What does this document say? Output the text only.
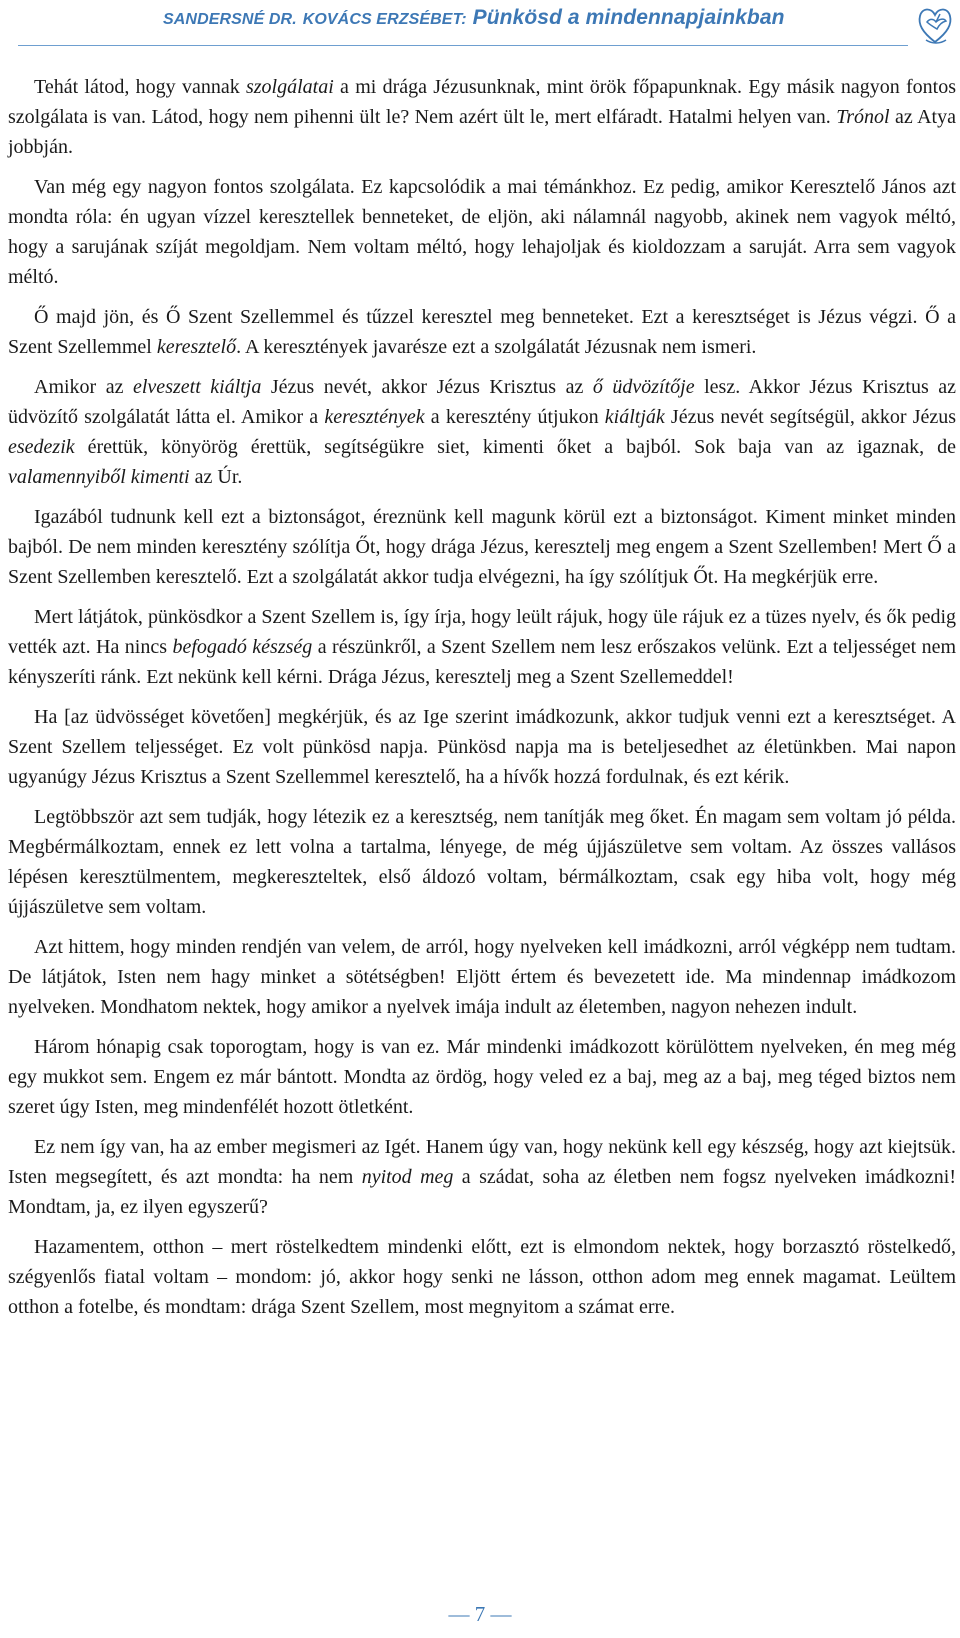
SANDERSNÉ DR. KOVÁCS ERZSÉBET: Pünkösd a mindennapjainkban

Tehát látod, hogy vannak szolgálatai a mi drága Jézusunknak, mint örök főpapunknak. Egy másik nagyon fontos szolgálata is van. Látod, hogy nem pihenni ült le? Nem azért ült le, mert elfáradt. Hatalmi helyen van. Trónol az Atya jobbján.

Van még egy nagyon fontos szolgálata. Ez kapcsolódik a mai témánkhoz. Ez pedig, amikor Keresztelő János azt mondta róla: én ugyan vízzel keresztellek benneteket, de eljön, aki nálamnál nagyobb, akinek nem vagyok méltó, hogy a sarujának szíját megoldjam. Nem voltam méltó, hogy lehajoljak és kioldozzam a saruját. Arra sem vagyok méltó.

Ő majd jön, és Ő Szent Szellemmel és tűzzel keresztel meg benneteket. Ezt a keresztséget is Jézus végzi. Ő a Szent Szellemmel keresztelő. A keresztények javarésze ezt a szolgálatát Jézusnak nem ismeri.

Amikor az elveszett kiáltja Jézus nevét, akkor Jézus Krisztus az ő üdvözítője lesz. Akkor Jézus Krisztus az üdvözítő szolgálatát látta el. Amikor a keresztények a keresztény útjukon kiáltják Jézus nevét segítségül, akkor Jézus esedezik érettük, könyörög érettük, segítségükre siet, kimenti őket a bajból. Sok baja van az igaznak, de valamennyiből kimenti az Úr.

Igazából tudnunk kell ezt a biztonságot, éreznünk kell magunk körül ezt a biztonságot. Kiment minket minden bajból. De nem minden keresztény szólítja Őt, hogy drága Jézus, keresztelj meg engem a Szent Szellemben! Mert Ő a Szent Szellemben keresztelő. Ezt a szolgálatát akkor tudja elvégezni, ha így szólítjuk Őt. Ha megkérjük erre.

Mert látjátok, pünkösdkor a Szent Szellem is, így írja, hogy leült rájuk, hogy üle rájuk ez a tüzes nyelv, és ők pedig vették azt. Ha nincs befogadó készség a részünkről, a Szent Szellem nem lesz erőszakos velünk. Ezt a teljességet nem kényszeríti ránk. Ezt nekünk kell kérni. Drága Jézus, keresztelj meg a Szent Szellemeddel!

Ha [az üdvösséget követően] megkérjük, és az Ige szerint imádkozunk, akkor tudjuk venni ezt a keresztséget. A Szent Szellem teljességet. Ez volt pünkösd napja. Pünkösd napja ma is beteljesedhet az életünkben. Mai napon ugyanúgy Jézus Krisztus a Szent Szellemmel keresztelő, ha a hívők hozzá fordulnak, és ezt kérik.

Legtöbbször azt sem tudják, hogy létezik ez a keresztség, nem tanítják meg őket. Én magam sem voltam jó példa. Megbérmálkoztam, ennek ez lett volna a tartalma, lényege, de még újjászületve sem voltam. Az összes vallásos lépésen keresztülmentem, megkereszteltek, első áldozó voltam, bérmálkoztam, csak egy hiba volt, hogy még újjászületve sem voltam.

Azt hittem, hogy minden rendjén van velem, de arról, hogy nyelveken kell imádkozni, arról végképp nem tudtam. De látjátok, Isten nem hagy minket a sötétségben! Eljött értem és bevezetett ide. Ma mindennap imádkozom nyelveken. Mondhatom nektek, hogy amikor a nyelvek imája indult az életemben, nagyon nehezen indult.

Három hónapig csak toporogtam, hogy is van ez. Már mindenki imádkozott körülöttem nyelveken, én meg még egy mukkot sem. Engem ez már bántott. Mondta az ördög, hogy veled ez a baj, meg az a baj, meg téged biztos nem szeret úgy Isten, meg mindenfélét hozott ötletként.

Ez nem így van, ha az ember megismeri az Igét. Hanem úgy van, hogy nekünk kell egy készség, hogy azt kiejtsük. Isten megsegített, és azt mondta: ha nem nyitod meg a szádat, soha az életben nem fogsz nyelveken imádkozni! Mondtam, ja, ez ilyen egyszerű?

Hazamentem, otthon – mert röstelkedtem mindenki előtt, ezt is elmondom nektek, hogy borzasztó röstelkedő, szégyenlős fiatal voltam – mondom: jó, akkor hogy senki ne lásson, otthon adom meg ennek magamat. Leültem otthon a fotelbe, és mondtam: drága Szent Szellem, most megnyitom a számat erre.

— 7 —
